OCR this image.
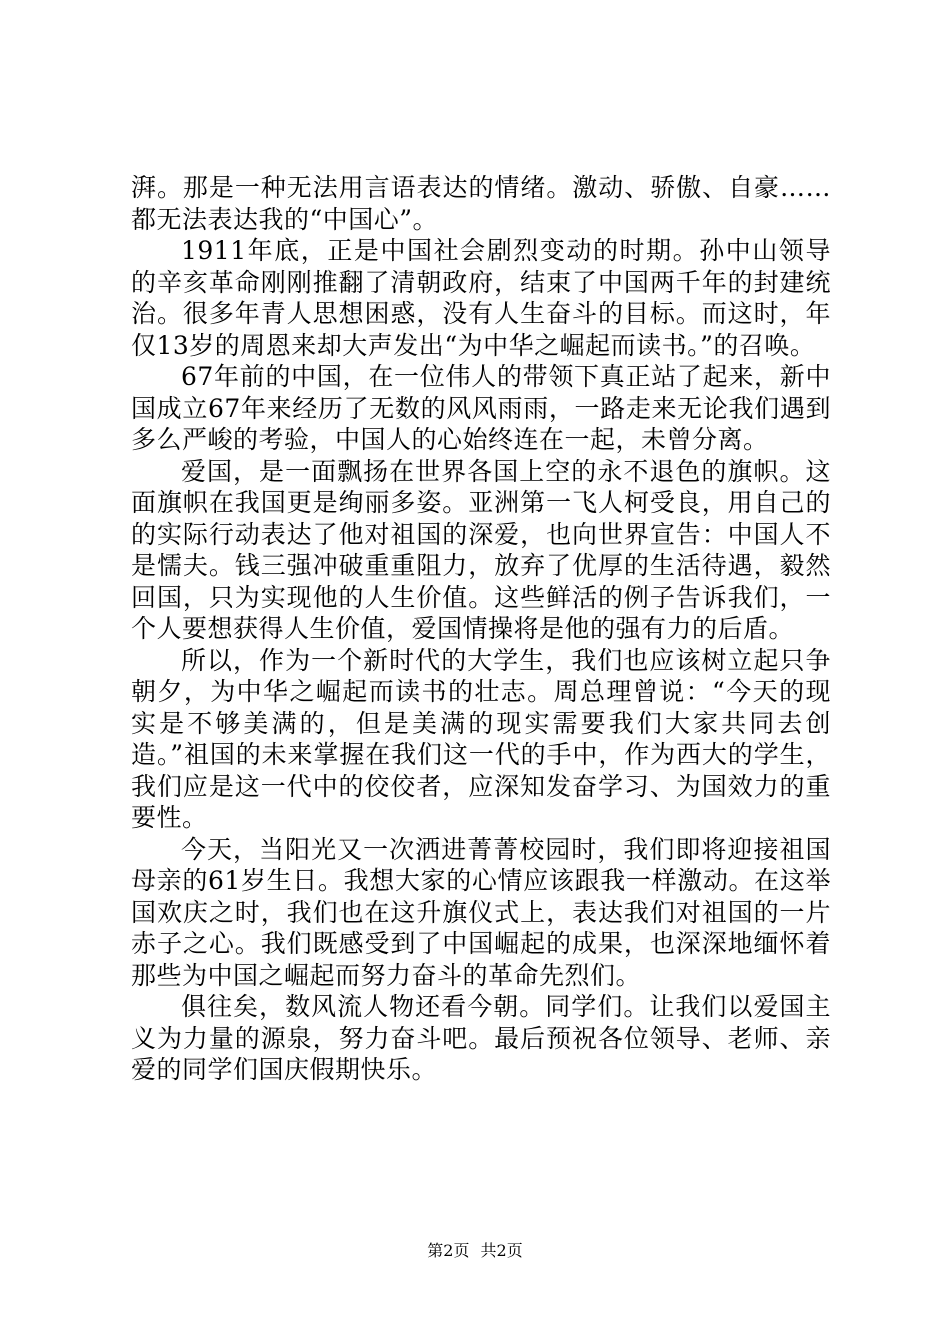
湃。那是一种无法用言语表达的情绪。激动、骄傲、自豪……都无法表达我的“中国心”。

1911年底，正是中国社会剧烈变动的时期。孙中山领导的辛亥革命刚刚推翻了清朝政府，结束了中国两千年的封建统治。很多年青人思想困惑，没有人生奋斗的目标。而这时，年仅13岁的周恩来却大声发出“为中华之崛起而读书。”的召唤。

67年前的中国，在一位伟人的带领下真正站了起来，新中国成立67年来经历了无数的风风雨雨，一路走来无论我们遇到多么严峻的考验，中国人的心始终连在一起，未曾分离。

爱国，是一面飘扬在世界各国上空的永不退色的旗帜。这面旗帜在我国更是绚丽多姿。亚洲第一飞人柯受良，用自己的的实际行动表达了他对祖国的深爱，也向世界宣告：中国人不是懦夫。钱三强冲破重重阻力，放弃了优厚的生活待遇，毅然回国，只为实现他的人生价值。这些鲜活的例子告诉我们，一个人要想获得人生价值，爱国情操将是他的强有力的后盾。

所以，作为一个新时代的大学生，我们也应该树立起只争朝夕，为中华之崛起而读书的壮志。周总理曾说：“今天的现实是不够美满的，但是美满的现实需要我们大家共同去创造。”祖国的未来掌握在我们这一代的手中，作为西大的学生，我们应是这一代中的佼佼者，应深知发奋学习、为国效力的重要性。

今天，当阳光又一次洒进菁菁校园时，我们即将迎接祖国母亲的61岁生日。我想大家的心情应该跟我一样激动。在这举国欢庆之时，我们也在这升旗仪式上，表达我们对祖国的一片赤子之心。我们既感受到了中国崛起的成果，也深深地缅怀着那些为中国之崛起而努力奋斗的革命先烈们。

俱往矣，数风流人物还看今朝。同学们。让我们以爱国主义为力量的源泉，努力奋斗吧。最后预祝各位领导、老师、亲爱的同学们国庆假期快乐。

第2页 共2页
